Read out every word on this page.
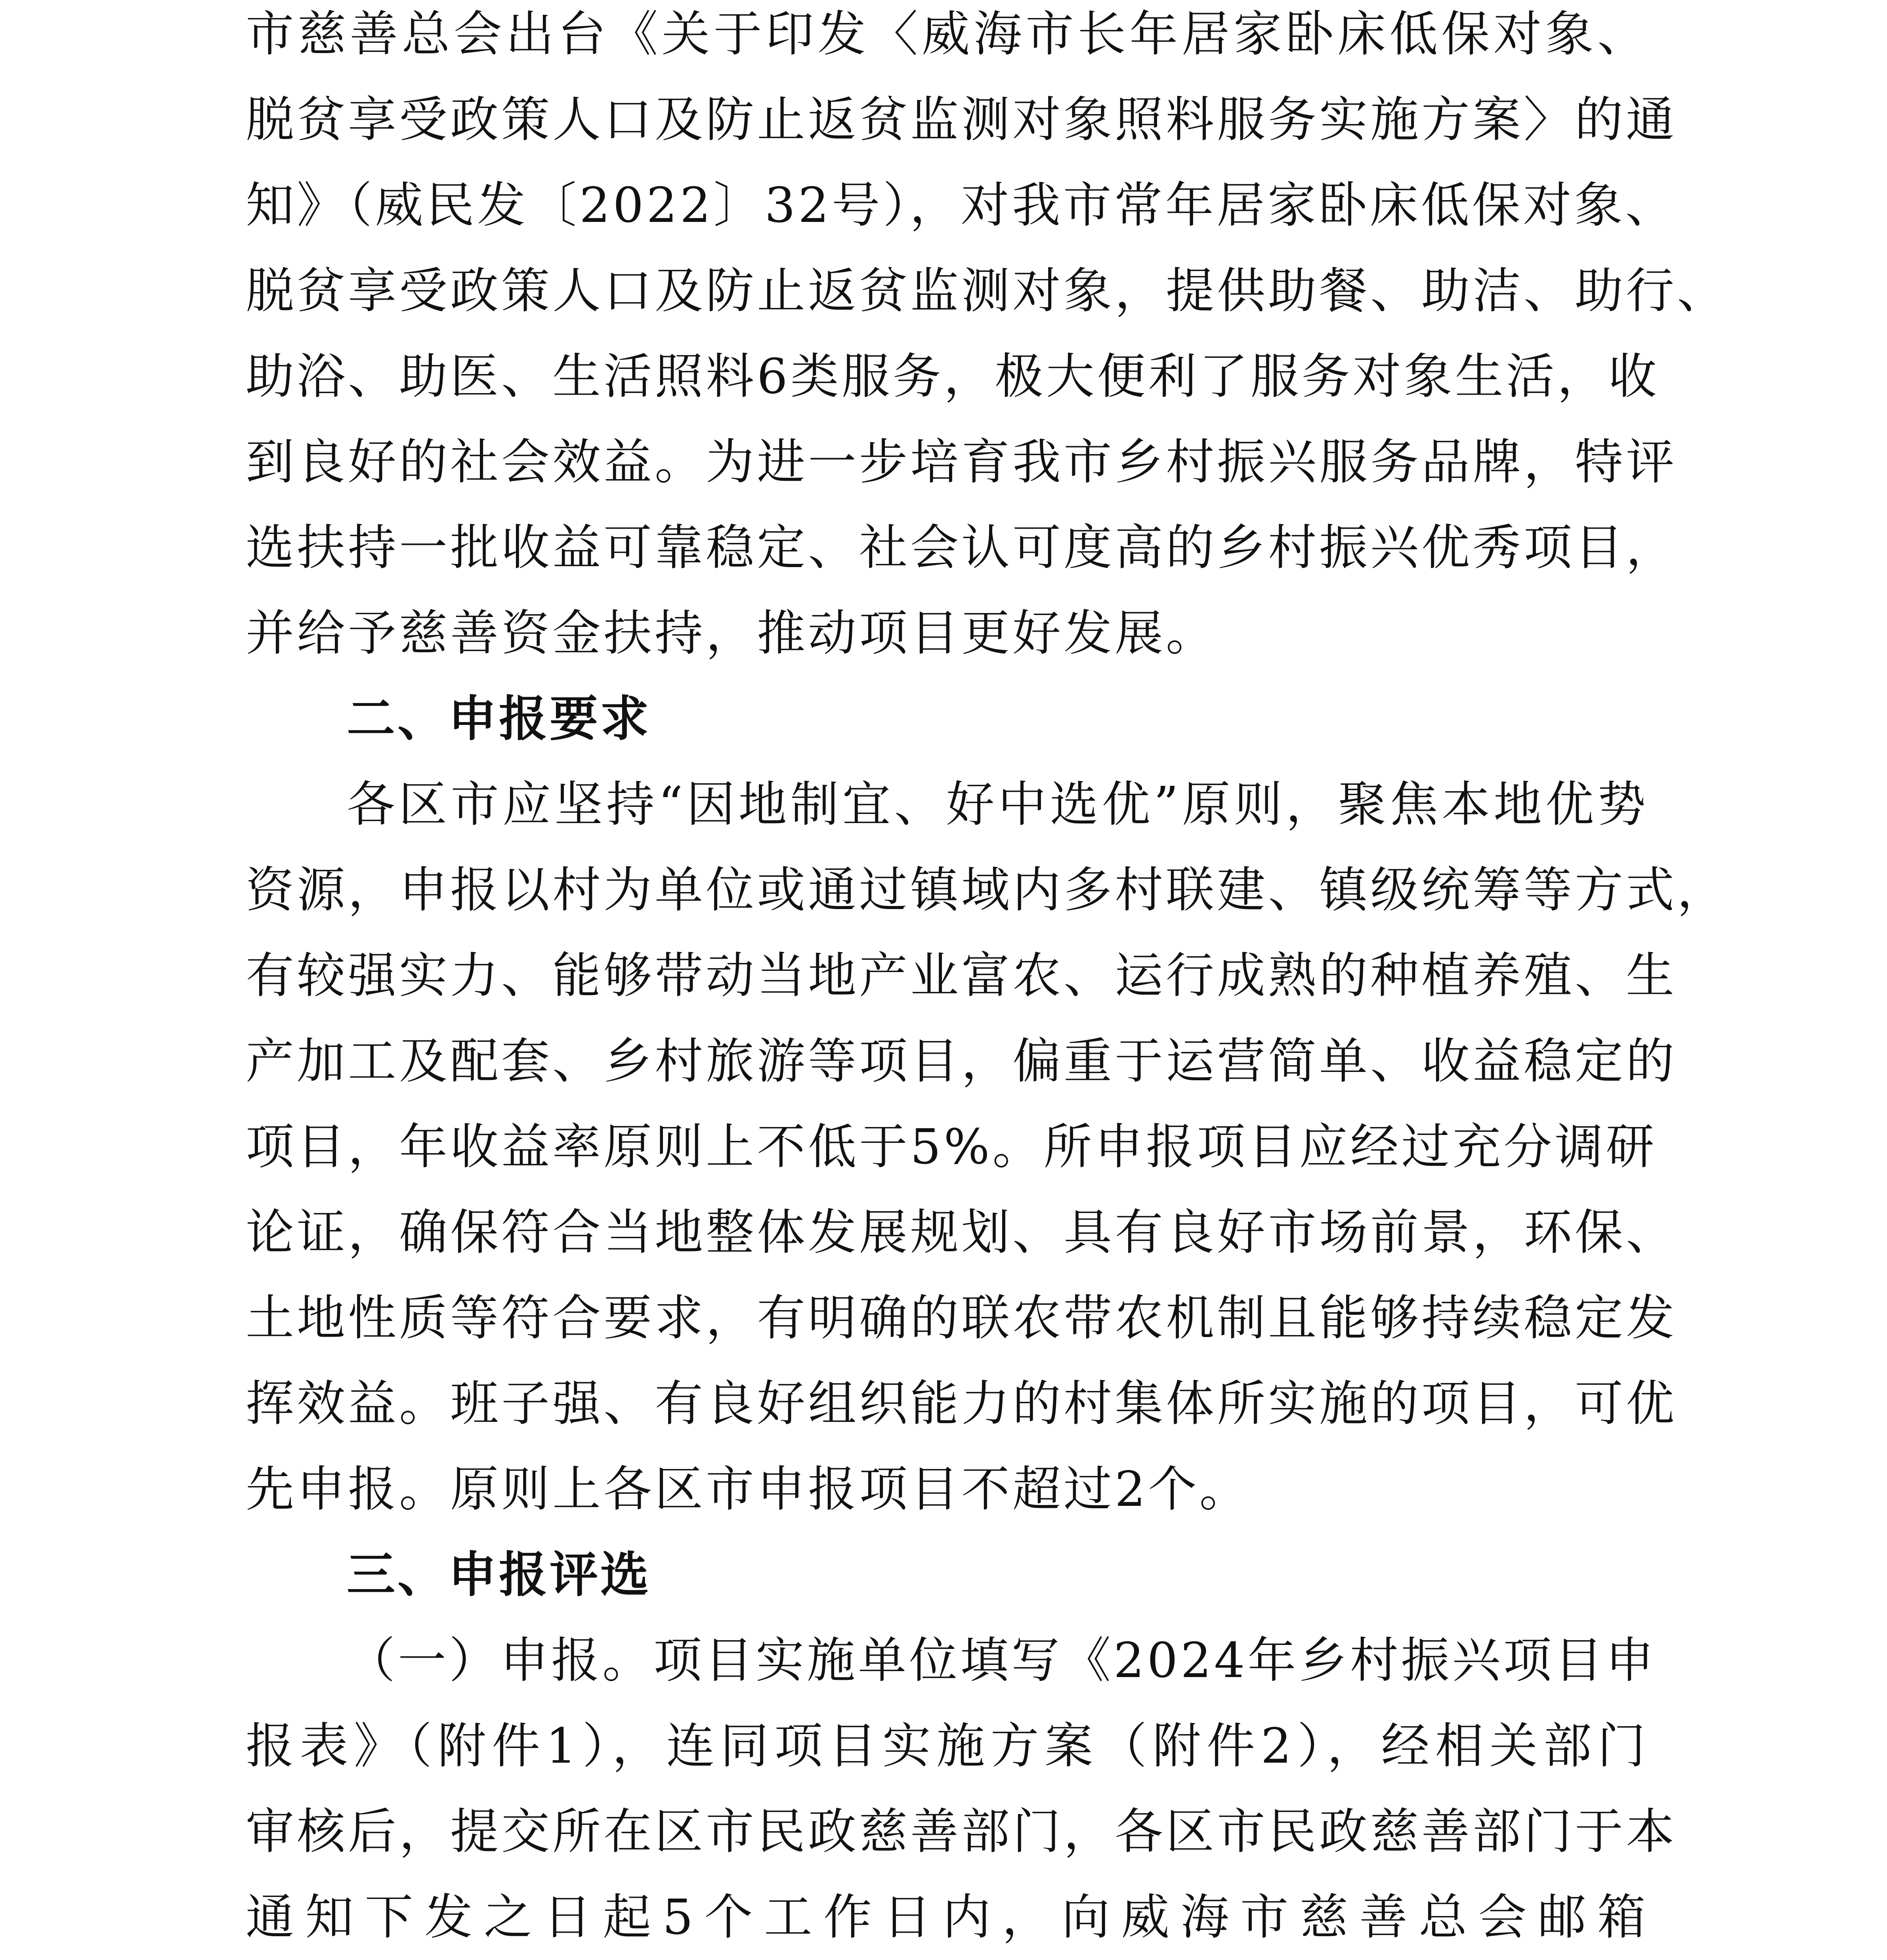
市慈善总会出台《关于印发〈威海市长年居家卧床低保对象、
脱贫享受政策人口及防止返贫监测对象照料服务实施方案〉的通
知》（威民发〔2022〕32号），对我市常年居家卧床低保对象、
脱贫享受政策人口及防止返贫监测对象，提供助餐、助洁、助行、
助浴、助医、生活照料6类服务，极大便利了服务对象生活，收
到良好的社会效益。为进一步培育我市乡村振兴服务品牌，特评
选扶持一批收益可靠稳定、社会认可度高的乡村振兴优秀项目，
并给予慈善资金扶持，推动项目更好发展。
二、申报要求
各区市应坚持“因地制宜、好中选优”原则，聚焦本地优势
资源，申报以村为单位或通过镇域内多村联建、镇级统筹等方式，
有较强实力、能够带动当地产业富农、运行成熟的种植养殖、生
产加工及配套、乡村旅游等项目，偏重于运营简单、收益稳定的
项目，年收益率原则上不低于5%。所申报项目应经过充分调研
论证，确保符合当地整体发展规划、具有良好市场前景，环保、
土地性质等符合要求，有明确的联农带农机制且能够持续稳定发
挥效益。班子强、有良好组织能力的村集体所实施的项目，可优
先申报。原则上各区市申报项目不超过2个。
三、申报评选
（一）申报。项目实施单位填写《2024年乡村振兴项目申
报表》（附件1），连同项目实施方案（附件2），经相关部门
审核后，提交所在区市民政慈善部门，各区市民政慈善部门于本
通知下发之日起5个工作日内，向威海市慈善总会邮箱
